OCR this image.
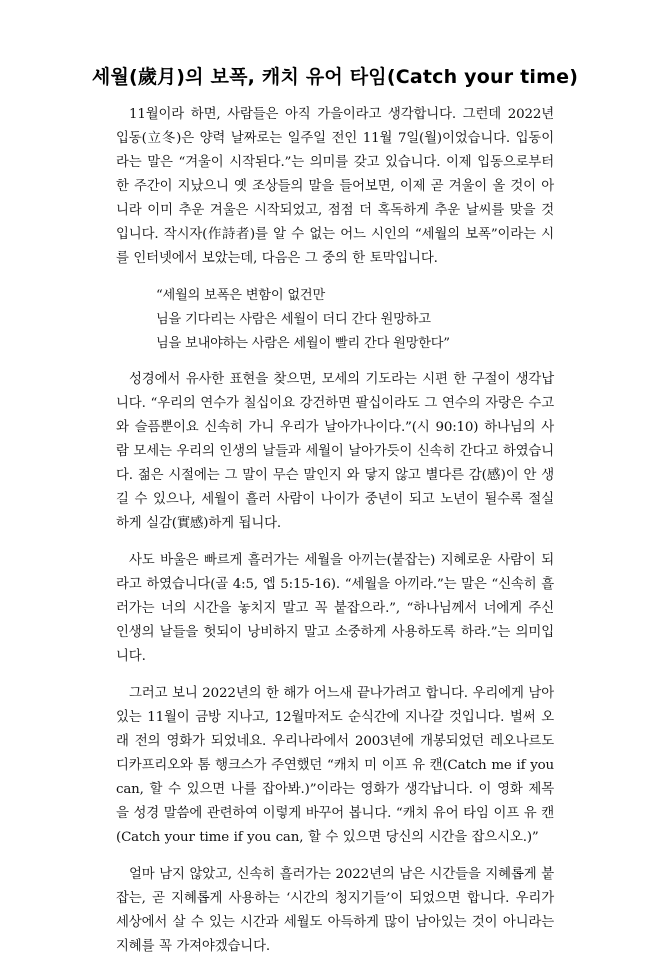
세월(歲月)의 보폭, 캐치 유어 타임(Catch your time)

11월이라 하면, 사람들은 아직 가을이라고 생각합니다. 그런데 2022년 입동(立冬)은 양력 날짜로는 일주일 전인 11월 7일(월)이었습니다. 입동이라는 말은 “겨울이 시작된다.”는 의미를 갖고 있습니다. 이제 입동으로부터 한 주간이 지났으니 옛 조상들의 말을 들어보면, 이제 곧 겨울이 올 것이 아니라 이미 추운 겨울은 시작되었고, 점점 더 혹독하게 추운 날씨를 맞을 것입니다. 작시자(作詩者)를 알 수 없는 어느 시인의 “세월의 보폭”이라는 시를 인터넷에서 보았는데, 다음은 그 중의 한 토막입니다.

“세월의 보폭은 변함이 없건만
님을 기다리는 사람은 세월이 더디 간다 원망하고
님을 보내야하는 사람은 세월이 빨리 간다 원망한다”

성경에서 유사한 표현을 찾으면, 모세의 기도라는 시편 한 구절이 생각납니다. “우리의 연수가 칠십이요 강건하면 팔십이라도 그 연수의 자랑은 수고와 슬픔뿐이요 신속히 가니 우리가 날아가나이다.”(시 90:10) 하나님의 사람 모세는 우리의 인생의 날들과 세월이 날아가듯이 신속히 간다고 하였습니다. 젊은 시절에는 그 말이 무슨 말인지 와 닿지 않고 별다른 감(感)이 안 생길 수 있으나, 세월이 흘러 사람이 나이가 중년이 되고 노년이 될수록 절실하게 실감(實感)하게 됩니다.

사도 바울은 빠르게 흘러가는 세월을 아끼는(붙잡는) 지혜로운 사람이 되라고 하였습니다(골 4:5, 엡 5:15-16). “세월을 아끼라.”는 말은 “신속히 흘러가는 너의 시간을 놓치지 말고 꼭 붙잡으라.”, “하나님께서 너에게 주신 인생의 날들을 헛되이 낭비하지 말고 소중하게 사용하도록 하라.”는 의미입니다.

그러고 보니 2022년의 한 해가 어느새 끝나가려고 합니다. 우리에게 남아있는 11월이 금방 지나고, 12월마저도 순식간에 지나갈 것입니다. 벌써 오래 전의 영화가 되었네요. 우리나라에서 2003년에 개봉되었던 레오나르도 디카프리오와 톰 행크스가 주연했던 “캐치 미 이프 유 캔(Catch me if you can, 할 수 있으면 나를 잡아봐.)”이라는 영화가 생각납니다. 이 영화 제목을 성경 말씀에 관련하여 이렇게 바꾸어 봅니다. “캐치 유어 타임 이프 유 캔(Catch your time if you can, 할 수 있으면 당신의 시간을 잡으시오.)”

얼마 남지 않았고, 신속히 흘러가는 2022년의 남은 시간들을 지혜롭게 붙잡는, 곧 지혜롭게 사용하는 ‘시간의 청지기들’이 되었으면 합니다. 우리가 세상에서 살 수 있는 시간과 세월도 아득하게 많이 남아있는 것이 아니라는 지혜를 꼭 가져야겠습니다.
